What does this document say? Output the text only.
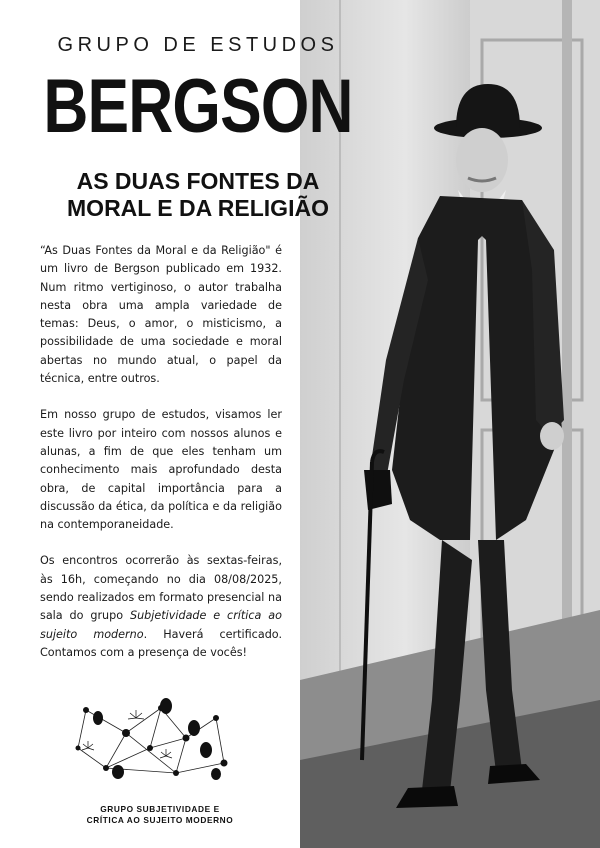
GRUPO DE ESTUDOS
BERGSON
AS DUAS FONTES DA
MORAL E DA RELIGIÃO

“As Duas Fontes da Moral e da Religião" é um livro de Bergson publicado em 1932. Num ritmo vertiginoso, o autor trabalha nesta obra uma ampla variedade de temas: Deus, o amor, o misticismo, a possibilidade de uma sociedade e moral abertas no mundo atual, o papel da técnica, entre outros.

Em nosso grupo de estudos, visamos ler este livro por inteiro com nossos alunos e alunas, a fim de que eles tenham um conhecimento mais aprofundado desta obra, de capital importância para a discussão da ética, da política e da religião na contemporaneidade.

Os encontros ocorrerão às sextas-feiras, às 16h, começando no dia 08/08/2025, sendo realizados em formato presencial na sala do grupo Subjetividade e crítica ao sujeito moderno. Haverá certificado. Contamos com a presença de vocês!

GRUPO SUBJETIVIDADE E
CRÍTICA AO SUJEITO MODERNO
